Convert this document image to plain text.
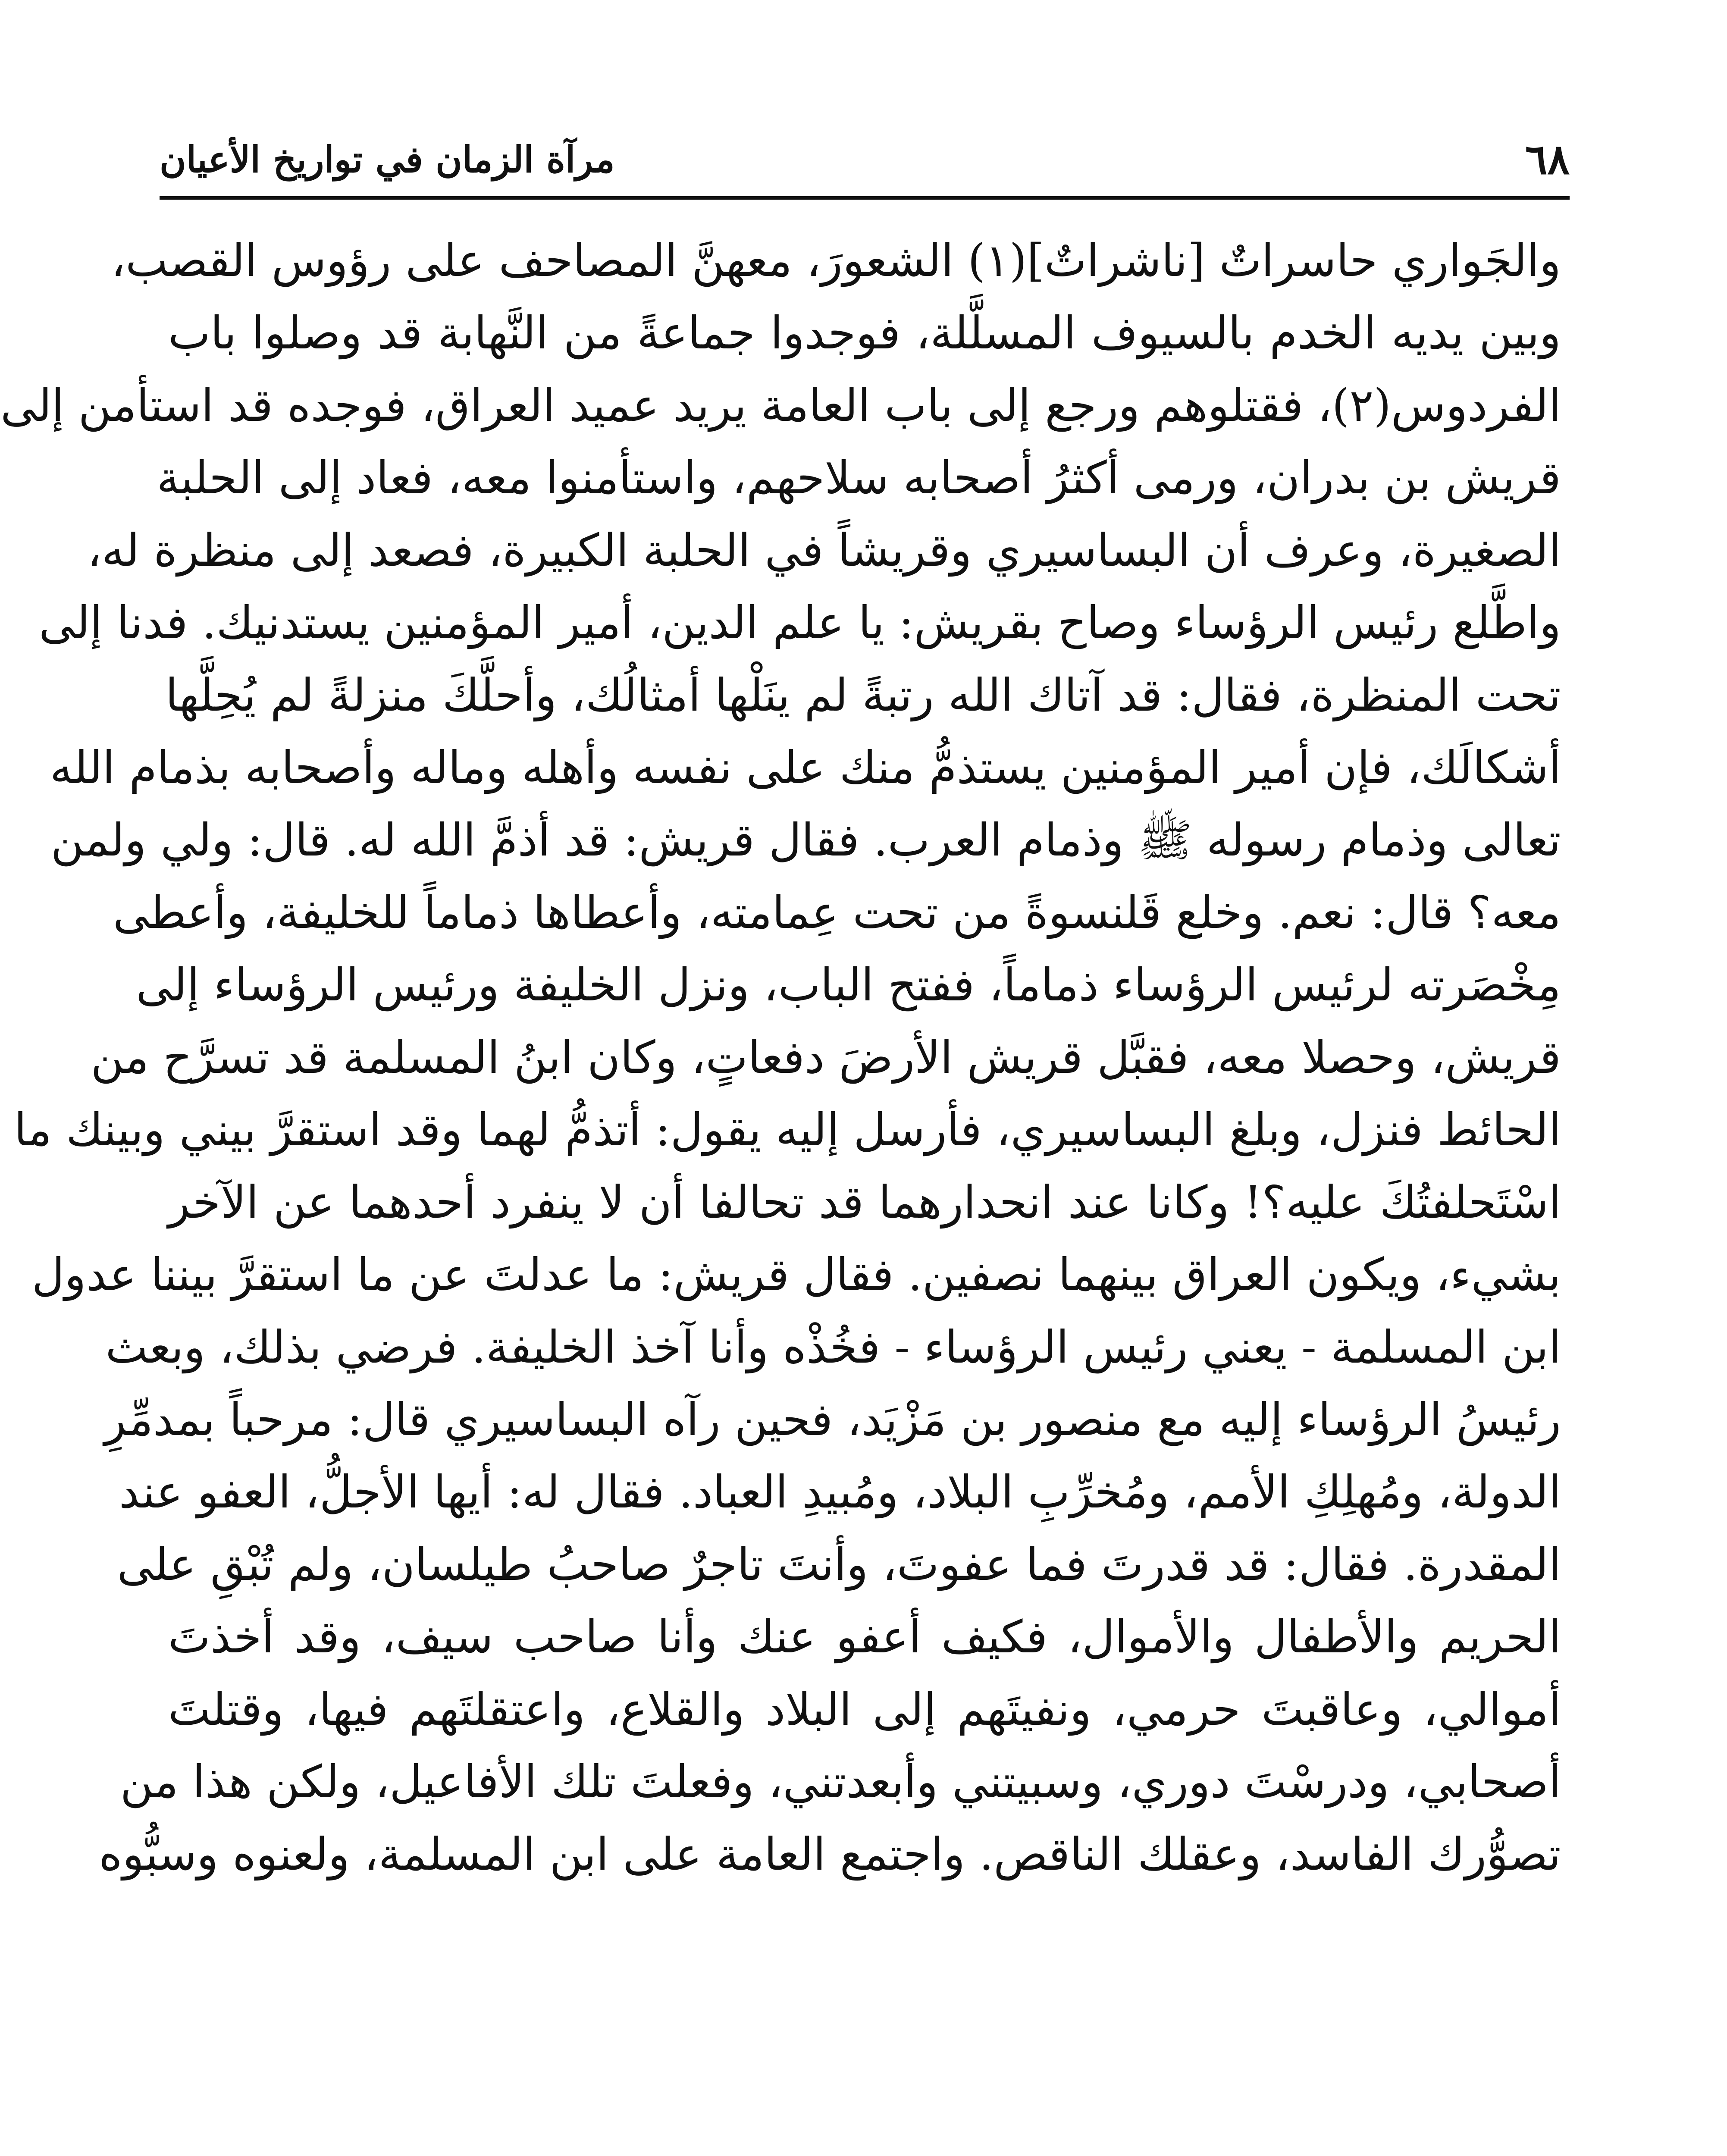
٦٨
مرآة الزمان في تواريخ الأعيان
والجَواري حاسراتٌ [ناشراتٌ](١) الشعورَ، معهنَّ المصاحف على رؤوس القصب،
وبين يديه الخدم بالسيوف المسلَّلة، فوجدوا جماعةً من النَّهابة قد وصلوا باب
الفردوس(٢)، فقتلوهم ورجع إلى باب العامة يريد عميد العراق، فوجده قد استأمن إلى
قريش بن بدران، ورمى أكثرُ أصحابه سلاحهم، واستأمنوا معه، فعاد إلى الحلبة
الصغيرة، وعرف أن البساسيري وقريشاً في الحلبة الكبيرة، فصعد إلى منظرة له،
واطَّلع رئيس الرؤساء وصاح بقريش: يا علم الدين، أمير المؤمنين يستدنيك. فدنا إلى
تحت المنظرة، فقال: قد آتاك الله رتبةً لم ينَلْها أمثالُك، وأحلَّكَ منزلةً لم يُحِلَّها
أشكالَك، فإن أمير المؤمنين يستذمُّ منك على نفسه وأهله وماله وأصحابه بذمام الله
تعالى وذمام رسوله ﷺ وذمام العرب. فقال قريش: قد أذمَّ الله له. قال: ولي ولمن
معه؟ قال: نعم. وخلع قَلنسوةً من تحت عِمامته، وأعطاها ذماماً للخليفة، وأعطى
مِخْصَرته لرئيس الرؤساء ذماماً، ففتح الباب، ونزل الخليفة ورئيس الرؤساء إلى
قريش، وحصلا معه، فقبَّل قريش الأرضَ دفعاتٍ، وكان ابنُ المسلمة قد تسرَّح من
الحائط فنزل، وبلغ البساسيري، فأرسل إليه يقول: أتذمُّ لهما وقد استقرَّ بيني وبينك ما
اسْتَحلفتُكَ عليه؟! وكانا عند انحدارهما قد تحالفا أن لا ينفرد أحدهما عن الآخر
بشيء، ويكون العراق بينهما نصفين. فقال قريش: ما عدلتَ عن ما استقرَّ بيننا عدول
ابن المسلمة - يعني رئيس الرؤساء - فخُذْه وأنا آخذ الخليفة. فرضي بذلك، وبعث
رئيسُ الرؤساء إليه مع منصور بن مَزْيَد، فحين رآه البساسيري قال: مرحباً بمدمِّرِ
الدولة، ومُهلِكِ الأمم، ومُخرِّبِ البلاد، ومُبيدِ العباد. فقال له: أيها الأجلُّ، العفو عند
المقدرة. فقال: قد قدرتَ فما عفوتَ، وأنتَ تاجرٌ صاحبُ طيلسان، ولم تُبْقِ على
الحريم والأطفال والأموال، فكيف أعفو عنك وأنا صاحب سيف، وقد أخذتَ
أموالي، وعاقبتَ حرمي، ونفيتَهم إلى البلاد والقلاع، واعتقلتَهم فيها، وقتلتَ
أصحابي، ودرسْتَ دوري، وسبيتني وأبعدتني، وفعلتَ تلك الأفاعيل، ولكن هذا من
تصوُّرك الفاسد، وعقلك الناقص. واجتمع العامة على ابن المسلمة، ولعنوه وسبُّوه
